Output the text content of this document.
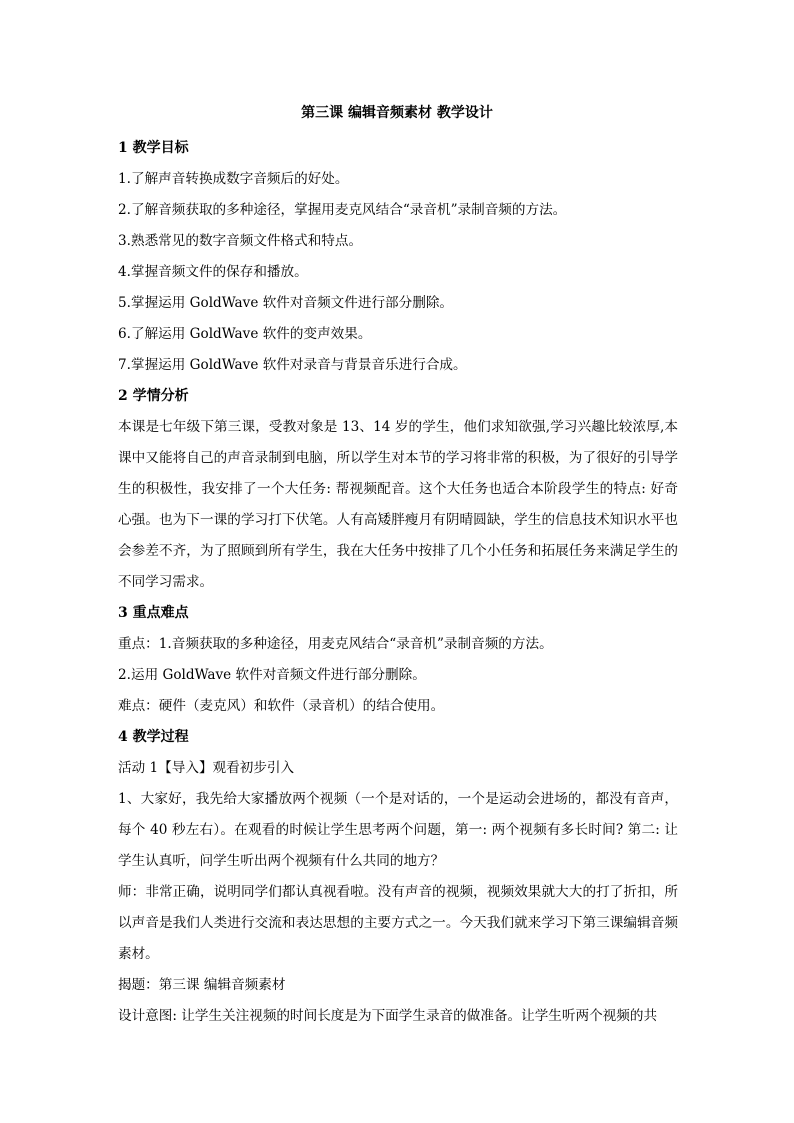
第三课 编辑音频素材 教学设计

1 教学目标

1.了解声音转换成数字音频后的好处。

2.了解音频获取的多种途径，掌握用麦克风结合“录音机”录制音频的方法。

3.熟悉常见的数字音频文件格式和特点。

4.掌握音频文件的保存和播放。

5.掌握运用 GoldWave 软件对音频文件进行部分删除。

6.了解运用 GoldWave 软件的变声效果。

7.掌握运用 GoldWave 软件对录音与背景音乐进行合成。

2 学情分析

本课是七年级下第三课，受教对象是 13、14 岁的学生，他们求知欲强,学习兴趣比较浓厚,本课中又能将自己的声音录制到电脑，所以学生对本节的学习将非常的积极，为了很好的引导学生的积极性，我安排了一个大任务: 帮视频配音。这个大任务也适合本阶段学生的特点: 好奇心强。也为下一课的学习打下伏笔。人有高矮胖瘦月有阴晴圆缺，学生的信息技术知识水平也会参差不齐，为了照顾到所有学生，我在大任务中按排了几个小任务和拓展任务来满足学生的不同学习需求。

3 重点难点

重点：1.音频获取的多种途径，用麦克风结合“录音机”录制音频的方法。

2.运用 GoldWave 软件对音频文件进行部分删除。

难点：硬件（麦克风）和软件（录音机）的结合使用。

4 教学过程

活动 1【导入】观看初步引入

1、大家好，我先给大家播放两个视频（一个是对话的，一个是运动会进场的，都没有音声，每个 40 秒左右）。在观看的时候让学生思考两个问题，第一: 两个视频有多长时间? 第二: 让学生认真听，问学生听出两个视频有什么共同的地方？

师：非常正确，说明同学们都认真视看啦。没有声音的视频，视频效果就大大的打了折扣，所以声音是我们人类进行交流和表达思想的主要方式之一。今天我们就来学习下第三课编辑音频素材。

揭题：第三课 编辑音频素材

设计意图: 让学生关注视频的时间长度是为下面学生录音的做准备。让学生听两个视频的共
